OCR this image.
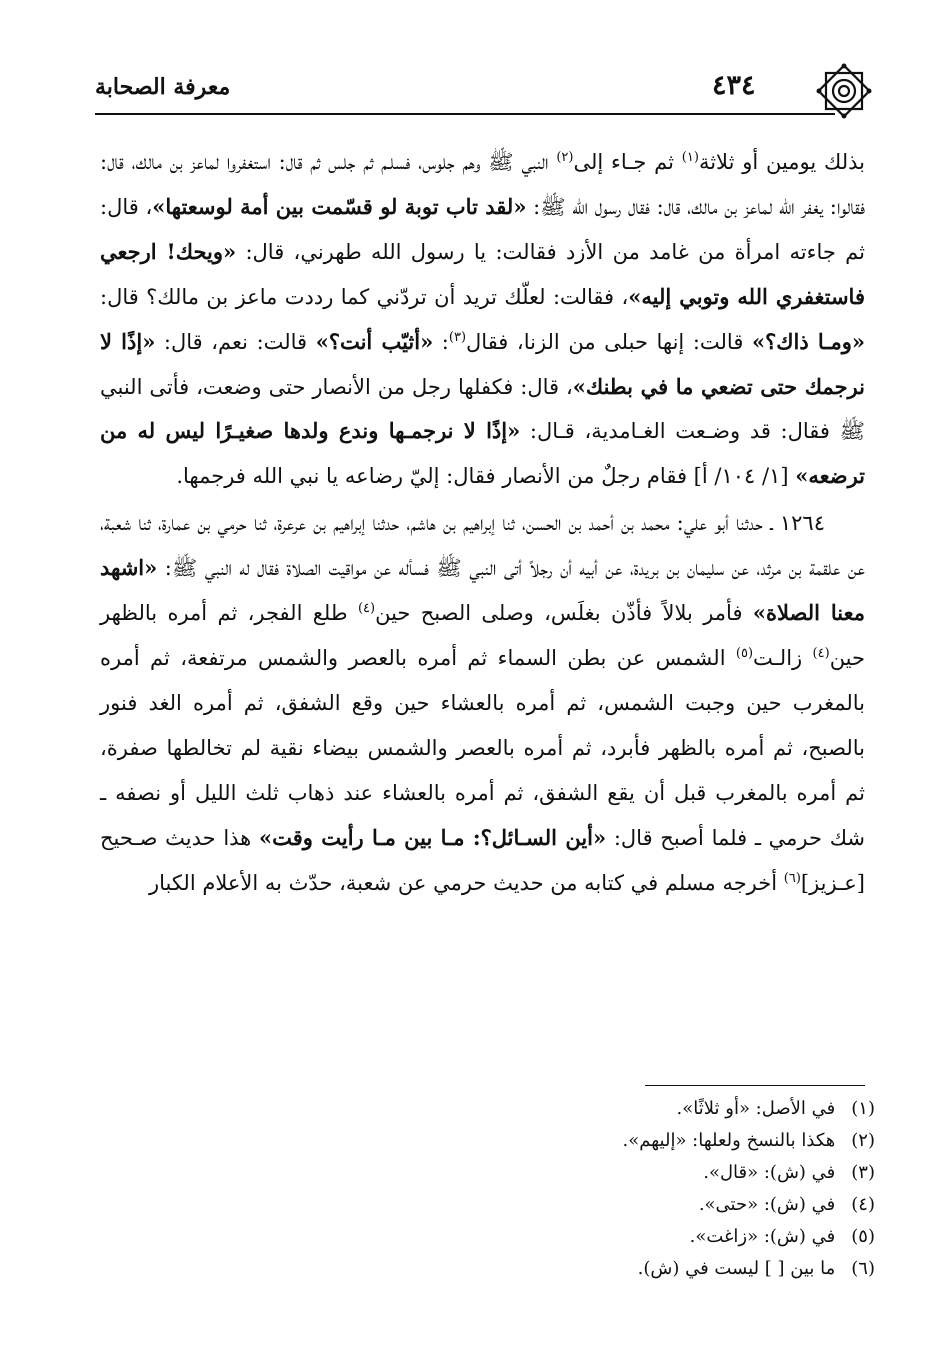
٤٣٤
معرفة الصحابة

بذلك يومين أو ثلاثة$^{(١)}$ ثم جـاء إلى$^{(٢)}$ النبي ﷺ وهم جلوس، فسلـم ثم جلس ثم قال: استغفروا لماعز بن مالك، قال: فقالوا: يغفر الله لماعز بن مالك، قال: فقال رسول الله ﷺ: «لقد تاب توبة لو قسّمت بين أمة لوسعتها»، قال: ثم جاءته امرأة من غامد من الأزد فقالت: يا رسول الله طهرني، قال: «ويحك! ارجعي فاستغفري الله وتوبي إليه»، فقالت: لعلّك تريد أن تردّني كما رددت ماعز بن مالك؟ قال: «ومـا ذاك؟» قالت: إنها حبلى من الزنا، فقال$^{(٣)}$: «أثيّب أنت؟» قالت: نعم، قال: «إذًا لا نرجمك حتى تضعي ما في بطنك»، قال: فكفلها رجل من الأنصار حتى وضعت، فأتى النبي ﷺ فقال: قد وضـعت الغـامدية، قـال: «إذًا لا نرجمـها وندع ولدها صغيـرًا ليس له من ترضعه» [١/ ١٠٤/ أ] فقام رجلٌ من الأنصار فقال: إليّ رضاعه يا نبي الله فرجمها.

١٢٦٤ ـ حدثنا أبو علي: محمد بن أحمد بن الحسن، ثنا إبراهيم بن هاشم، حدثنا إبراهيم بن عرعرة، ثنا حرمي بن عمارة، ثنا شعبة، عن علقمة بن مرثد، عن سليمان بن بريدة، عن أبيه أن رجلاً أتى النبي ﷺ فسأله عن مواقيت الصلاة فقال له النبي ﷺ: «اشهد معنا الصلاة» فأمر بلالاً فأذّن بغلَس، وصلى الصبح حين$^{(٤)}$ طلع الفجر، ثم أمره بالظهر حين$^{(٤)}$ زالـت$^{(٥)}$ الشمس عن بطن السماء ثم أمره بالعصر والشمس مرتفعة، ثم أمره بالمغرب حين وجبت الشمس، ثم أمره بالعشاء حين وقع الشفق، ثم أمره الغد فنور بالصبح، ثم أمره بالظهر فأبرد، ثم أمره بالعصر والشمس بيضاء نقية لم تخالطها صفرة، ثم أمره بالمغرب قبل أن يقع الشفق، ثم أمره بالعشاء عند ذهاب ثلث الليل أو نصفه ـ شك حرمي ـ فلما أصبح قال: «أين السـائل؟: مـا بين مـا رأيت وقت» هذا حديث صـحيح [عـزيز]$^{(٦)}$ أخرجه مسلم في كتابه من حديث حرمي عن شعبة، حدّث به الأعلام الكبار

(١) في الأصل: «أو ثلاثًا».
(٢) هكذا بالنسخ ولعلها: «إليهم».
(٣) في (ش): «قال».
(٤) في (ش): «حتى».
(٥) في (ش): «زاغت».
(٦) ما بين [ ] ليست في (ش).
